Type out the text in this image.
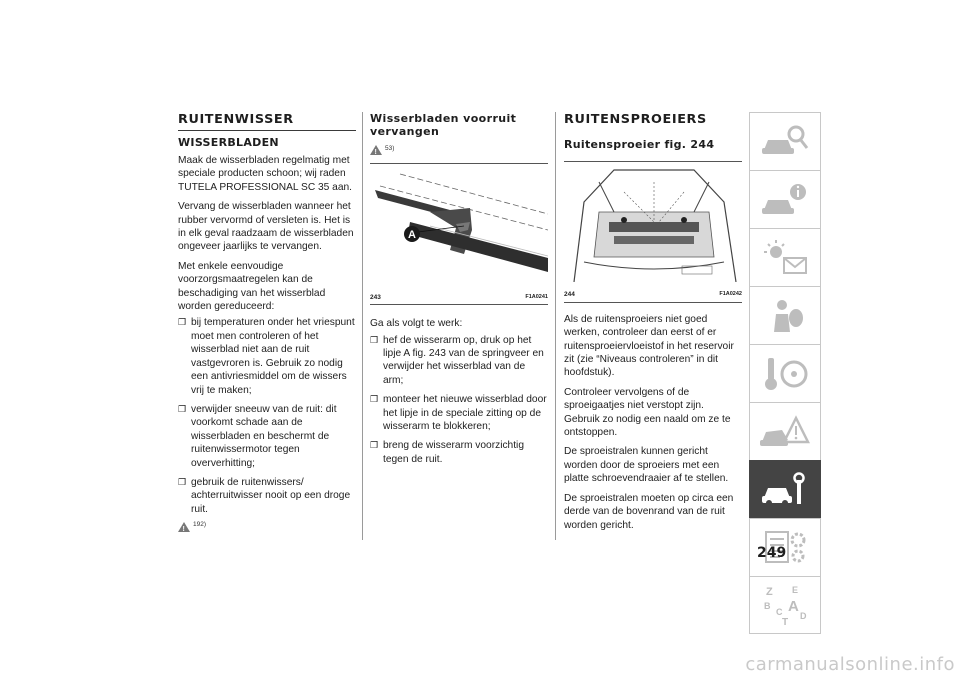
RUITENWISSER
WISSERBLADEN

Maak de wisserbladen regelmatig met speciale producten schoon; wij raden TUTELA PROFESSIONAL SC 35 aan.

Vervang de wisserbladen wanneer het rubber vervormd of versleten is. Het is in elk geval raadzaam de wisserbladen ongeveer jaarlijks te vervangen.

Met enkele eenvoudige voorzorgsmaatregelen kan de beschadiging van het wisserblad worden gereduceerd:

❒ bij temperaturen onder het vriespunt moet men controleren of het wisserblad niet aan de ruit vastgevroren is. Gebruik zo nodig een antivriesmiddel om de wissers vrij te maken;
❒ verwijder sneeuw van de ruit: dit voorkomt schade aan de wisserbladen en beschermt de ruitenwissermotor tegen oververhitting;
❒ gebruik de ruitenwissers/ achterruitwisser nooit op een droge ruit.
!
192)
Wisserbladen voorruit vervangen
!
53)
A
243	F1A0241

Ga als volgt te werk:

❒ hef de wisserarm op, druk op het lipje A fig. 243 van de springveer en verwijder het wisserblad van de arm;
❒ monteer het nieuwe wisserblad door het lipje in de speciale zitting op de wisserarm te blokkeren;
❒ breng de wisserarm voorzichtig tegen de ruit.
RUITENSPROEIERS
Ruitensproeier fig. 244
244	F1A0242

Als de ruitensproeiers niet goed werken, controleer dan eerst of er ruitensproeiervloeistof in het reservoir zit (zie “Niveaus controleren” in dit hoofdstuk).

Controleer vervolgens of de sproeigaatjes niet verstopt zijn. Gebruik zo nodig een naald om ze te ontstoppen.

De sproeistralen kunnen gericht worden door de sproeiers met een platte schroevendraaier af te stellen.

De sproeistralen moeten op circa een derde van de bovenrand van de ruit worden gericht.

Z E
B A
C D
T
249
carmanualsonline.info
